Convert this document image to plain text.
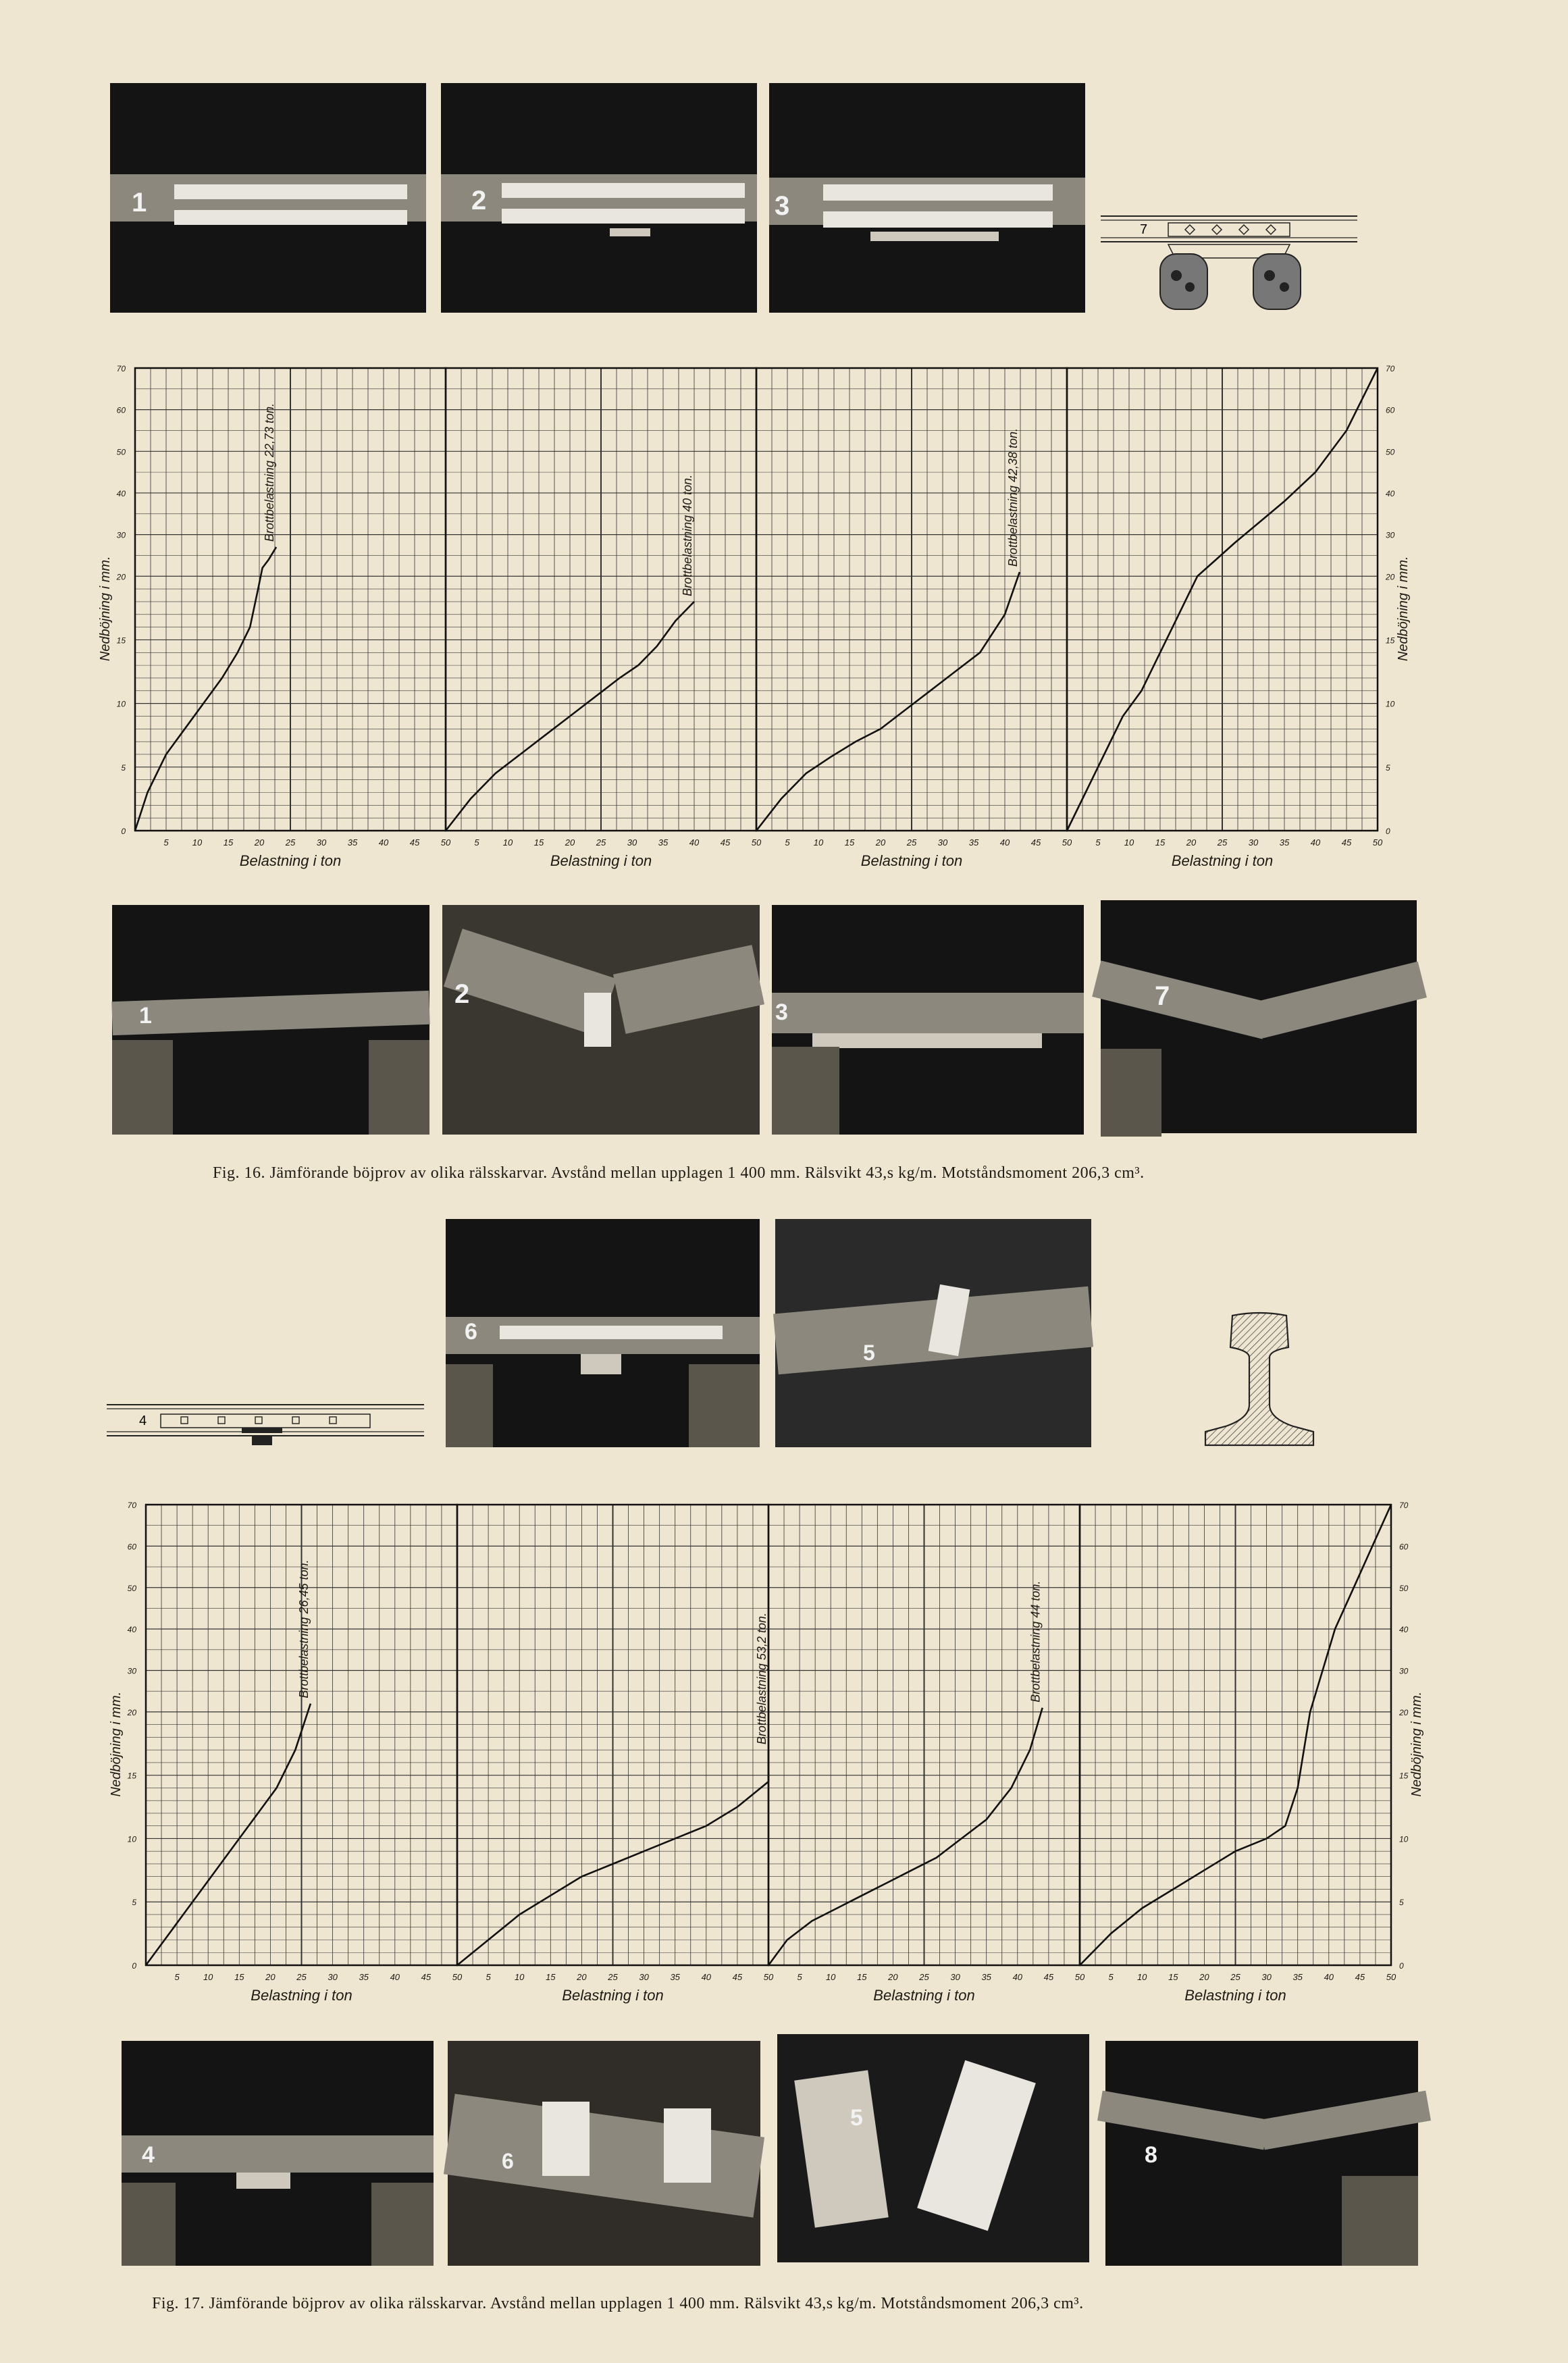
1	2	3
7
5	10 15 20 25 30 35 40 45 50
Belastning i ton
Brottbelastning 22,73 ton.
5	10 15 20 25 30 35 40 45 50
Belastning i ton
Brottbelastning 40 ton.
5	10 15 20 25 30 35 40 45 50
Belastning i ton
Brottbelastning 42,38 ton.
5	10 15 20 25 30 35 40 45 50
Belastning i ton
5	5
10	10
15	15
20	20
30	30
40	40
50	50
60	60
70	70
0	0
Nedböjning i mm.	Nedböjning i mm.
1
2
3
7
Fig. 16. Jämförande böjprov av olika rälsskarvar. Avstånd mellan upplagen 1 400 mm. Rälsvikt 43,s kg/m. Motståndsmoment 206,3 cm³.
6
5
4
5	10 15 20 25 30 35 40 45 50
Belastning i ton
Brottbelastning 26,45 ton.
5	10 15 20 25 30 35 40 45 50
Belastning i ton
Brottbelastning 53,2 ton.
5	10 15 20 25 30 35 40 45 50
Belastning i ton
Brottbelastning 44 ton.
5	10 15 20 25 30 35 40 45 50
Belastning i ton
5	5
10	10
15	15
20	20
30	30
40	40
50	50
60	60
70	70
0	0
Nedböjning i mm.	Nedböjning i mm.
4	6
5
8
Fig. 17. Jämförande böjprov av olika rälsskarvar. Avstånd mellan upplagen 1 400 mm. Rälsvikt 43,s kg/m. Motståndsmoment 206,3 cm³.
